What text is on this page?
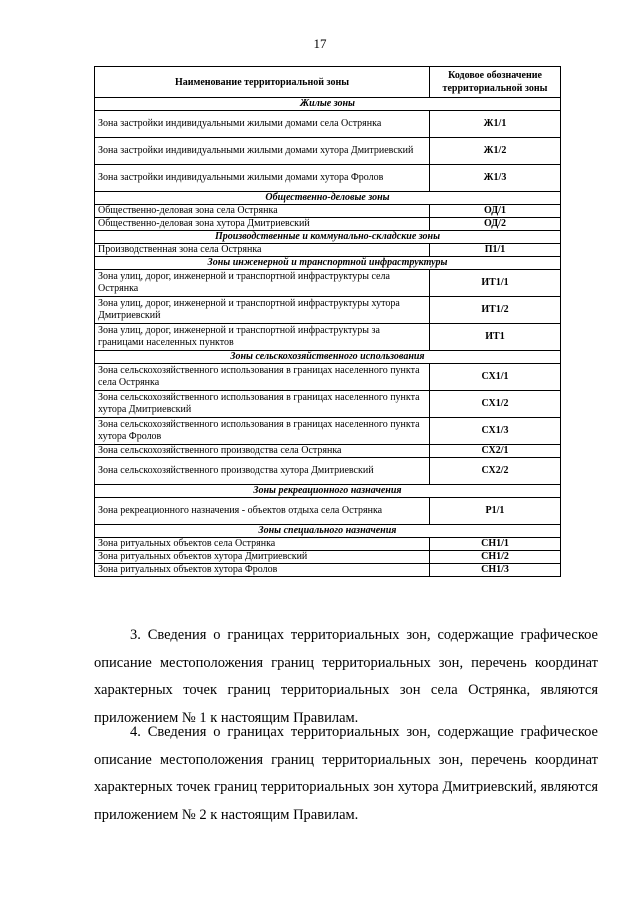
17
Наименование территориальной зоны	Кодовое обозначение территориальной зоны
Жилые зоны	
Зона застройки индивидуальными жилыми домами села Острянка	Ж1/1
Зона застройки индивидуальными жилыми домами хутора Дмитриевский	Ж1/2
Зона застройки индивидуальными жилыми домами хутора Фролов	Ж1/3
Общественно-деловые зоны	
Общественно-деловая зона села Острянка	ОД/1
Общественно-деловая зона хутора Дмитриевский	ОД/2
Производственные и коммунально-складские зоны	
Производственная зона села Острянка	П1/1
Зоны инженерной и транспортной инфраструктуры	
Зона улиц, дорог, инженерной и транспортной инфраструктуры села Острянка	ИТ1/1
Зона улиц, дорог, инженерной и транспортной инфраструктуры хутора Дмитриевский	ИТ1/2
Зона улиц, дорог, инженерной и транспортной инфраструктуры за границами населенных пунктов	ИТ1
Зоны сельскохозяйственного использования	
Зона сельскохозяйственного использования в границах населенного пункта села Острянка	СХ1/1
Зона сельскохозяйственного использования в границах населенного пункта хутора Дмитриевский	СХ1/2
Зона сельскохозяйственного использования в границах населенного пункта хутора Фролов	СХ1/3
Зона сельскохозяйственного производства села Острянка	СХ2/1
Зона сельскохозяйственного производства хутора Дмитриевский	СХ2/2
Зоны рекреационного назначения	
Зона рекреационного назначения - объектов отдыха села Острянка	Р1/1
Зоны специального назначения	
Зона ритуальных объектов села Острянка	СН1/1
Зона ритуальных объектов хутора Дмитриевский	СН1/2
Зона ритуальных объектов хутора Фролов	СН1/3

3. Сведения о границах территориальных зон, содержащие графическое описание местоположения границ территориальных зон, перечень координат характерных точек границ территориальных зон села Острянка, являются приложением № 1 к настоящим Правилам.

4. Сведения о границах территориальных зон, содержащие графическое описание местоположения границ территориальных зон, перечень координат характерных точек границ территориальных зон хутора Дмитриевский, являются приложением № 2 к настоящим Правилам.
